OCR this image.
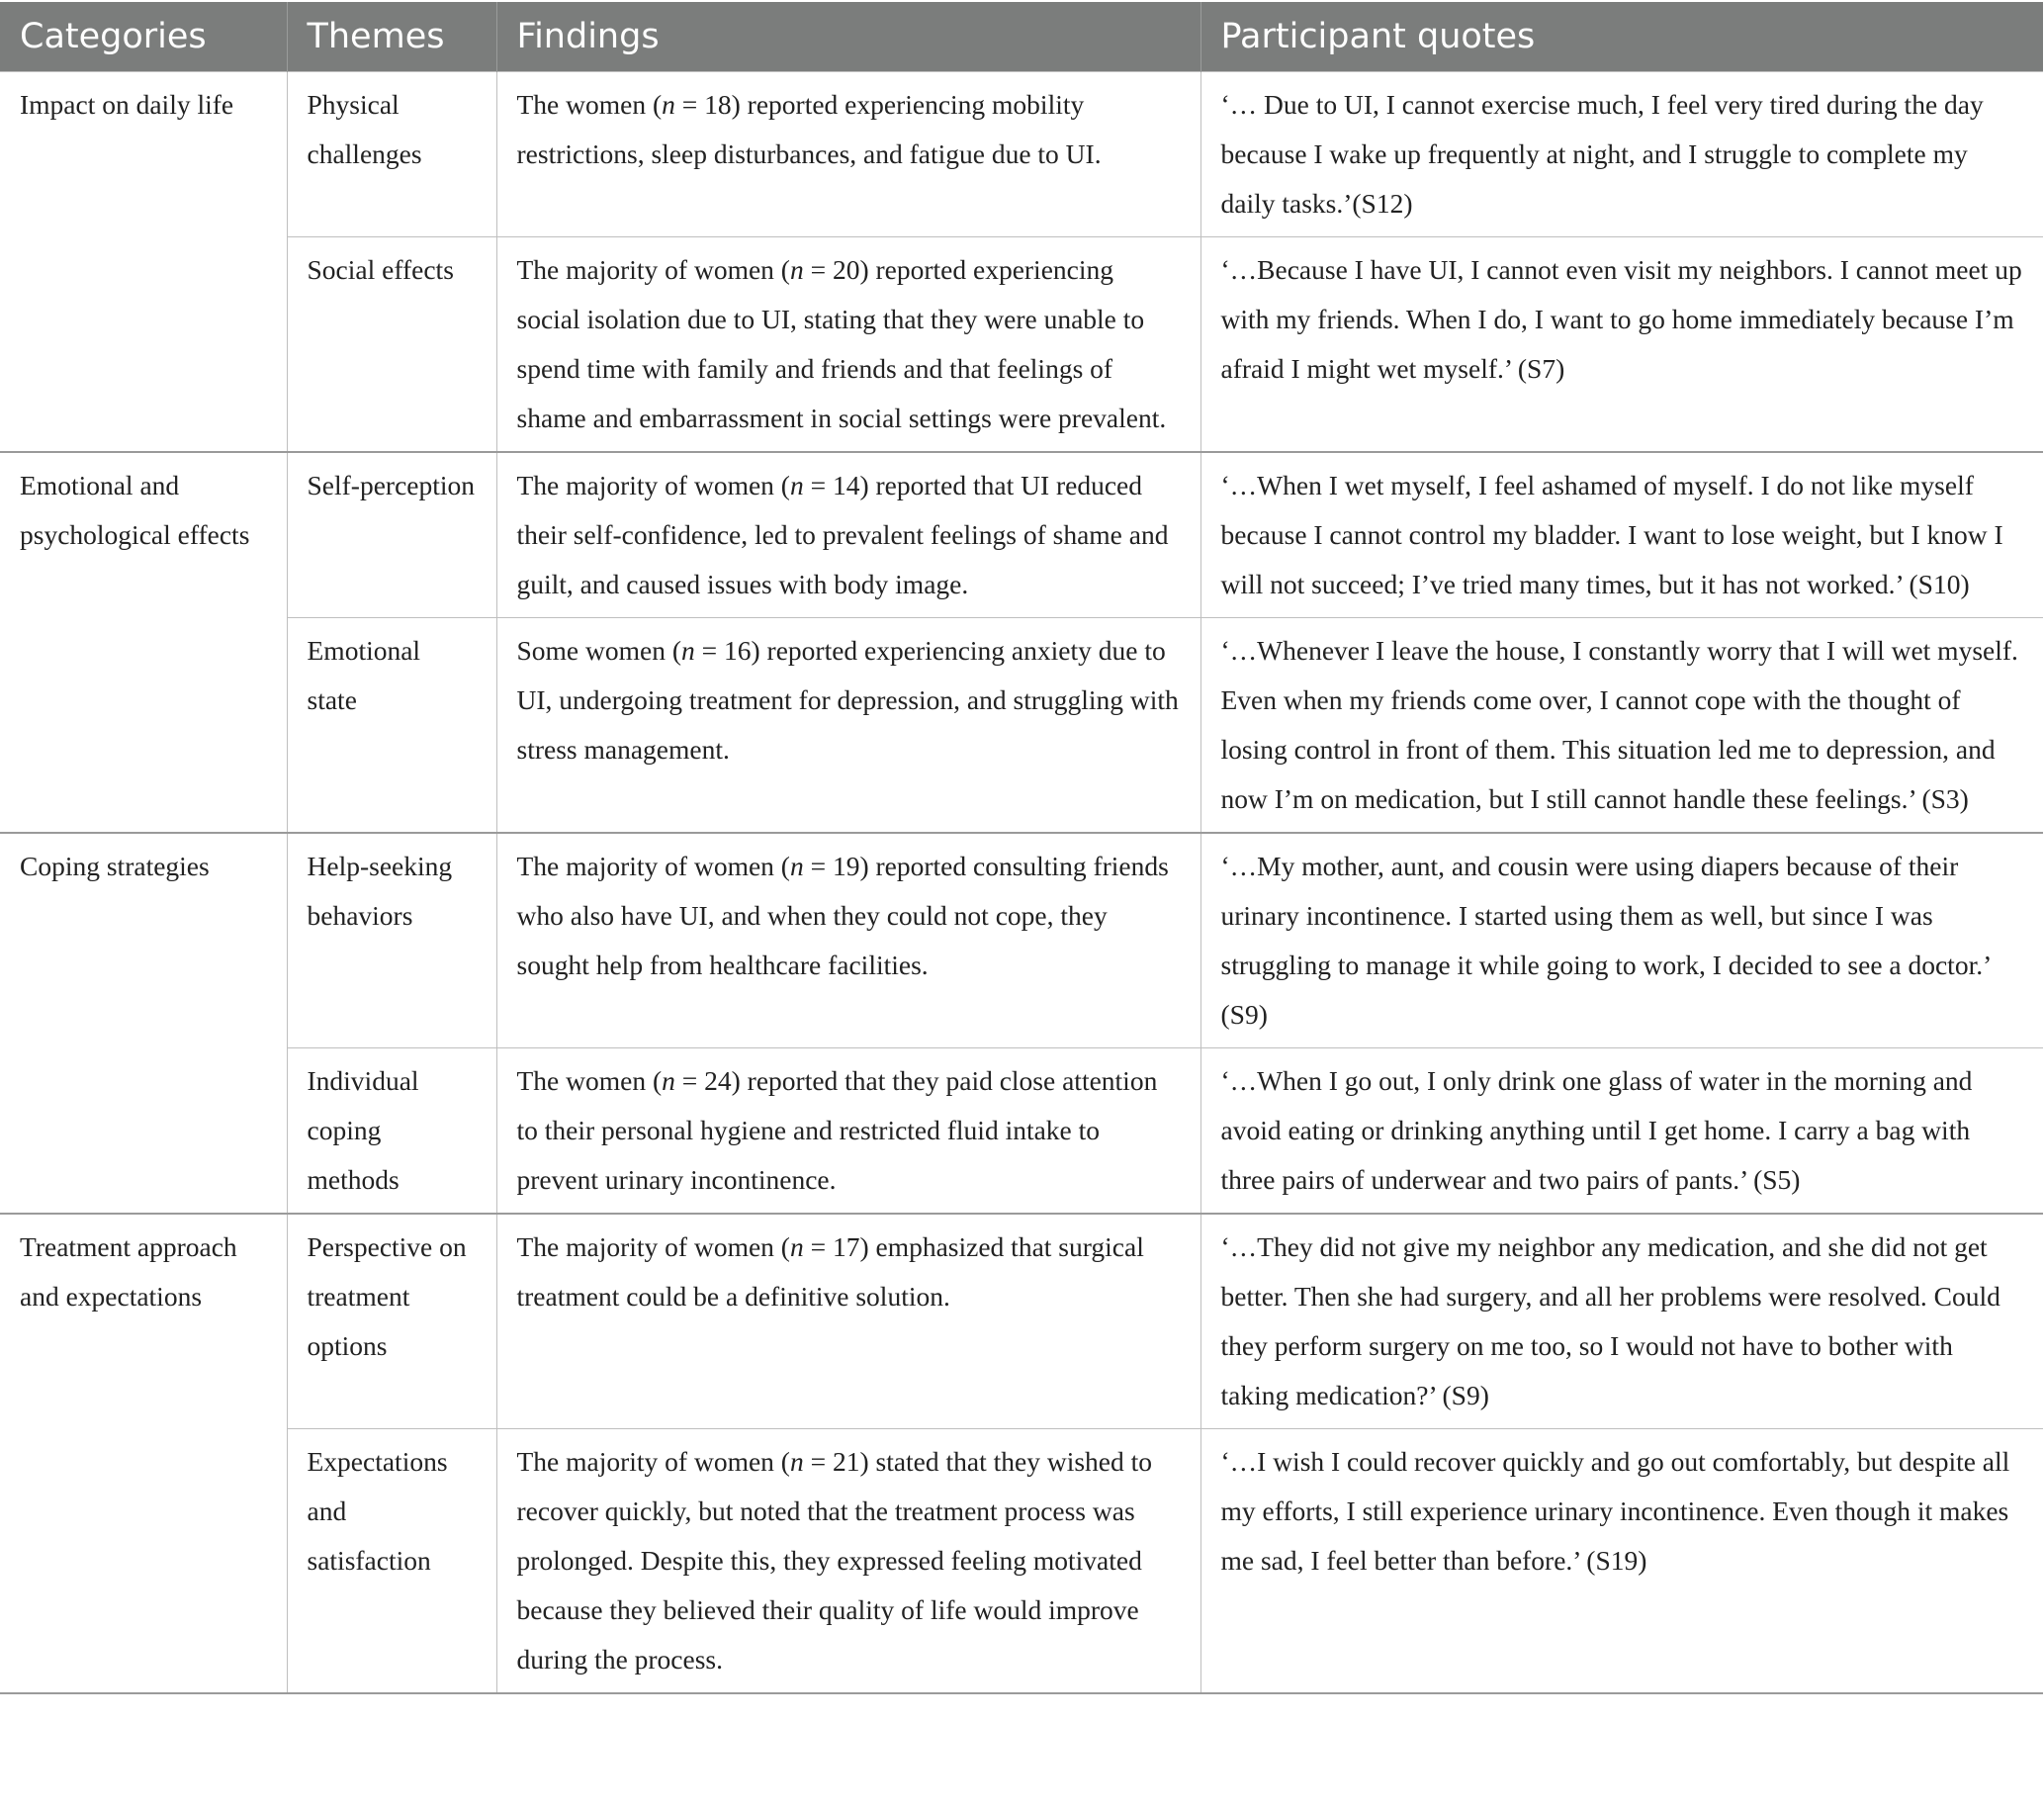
Categories	Themes	Findings	Participant quotes
Impact on daily life	Physical challenges	The women (n = 18) reported experiencing mobility restrictions, sleep disturbances, and fatigue due to UI.	‘… Due to UI, I cannot exercise much, I feel very tired during the day because I wake up frequently at night, and I struggle to complete my daily tasks.’(S12)
	Social effects	The majority of women (n = 20) reported experiencing social isolation due to UI, stating that they were unable to spend time with family and friends and that feelings of shame and embarrassment in social settings were prevalent.	‘…Because I have UI, I cannot even visit my neighbors. I cannot meet up with my friends. When I do, I want to go home immediately because I’m afraid I might wet myself.’ (S7)
Emotional and psychological effects	Self-perception	The majority of women (n = 14) reported that UI reduced their self-confidence, led to prevalent feelings of shame and guilt, and caused issues with body image.	‘…When I wet myself, I feel ashamed of myself. I do not like myself because I cannot control my bladder. I want to lose weight, but I know I will not succeed; I’ve tried many times, but it has not worked.’ (S10)
	Emotional state	Some women (n = 16) reported experiencing anxiety due to UI, undergoing treatment for depression, and struggling with stress management.	‘…Whenever I leave the house, I constantly worry that I will wet myself. Even when my friends come over, I cannot cope with the thought of losing control in front of them. This situation led me to depression, and now I’m on medication, but I still cannot handle these feelings.’ (S3)
Coping strategies	Help-seeking behaviors	The majority of women (n = 19) reported consulting friends who also have UI, and when they could not cope, they sought help from healthcare facilities.	‘…My mother, aunt, and cousin were using diapers because of their urinary incontinence. I started using them as well, but since I was struggling to manage it while going to work, I decided to see a doctor.’ (S9)
	Individual coping methods	The women (n = 24) reported that they paid close attention to their personal hygiene and restricted fluid intake to prevent urinary incontinence.	‘…When I go out, I only drink one glass of water in the morning and avoid eating or drinking anything until I get home. I carry a bag with three pairs of underwear and two pairs of pants.’ (S5)
Treatment approach and expectations	Perspective on treatment options	The majority of women (n = 17) emphasized that surgical treatment could be a definitive solution.	‘…They did not give my neighbor any medication, and she did not get better. Then she had surgery, and all her problems were resolved. Could they perform surgery on me too, so I would not have to bother with taking medication?’ (S9)
	Expectations and satisfaction	The majority of women (n = 21) stated that they wished to recover quickly, but noted that the treatment process was prolonged. Despite this, they expressed feeling motivated because they believed their quality of life would improve during the process.	‘…I wish I could recover quickly and go out comfortably, but despite all my efforts, I still experience urinary incontinence. Even though it makes me sad, I feel better than before.’ (S19)
